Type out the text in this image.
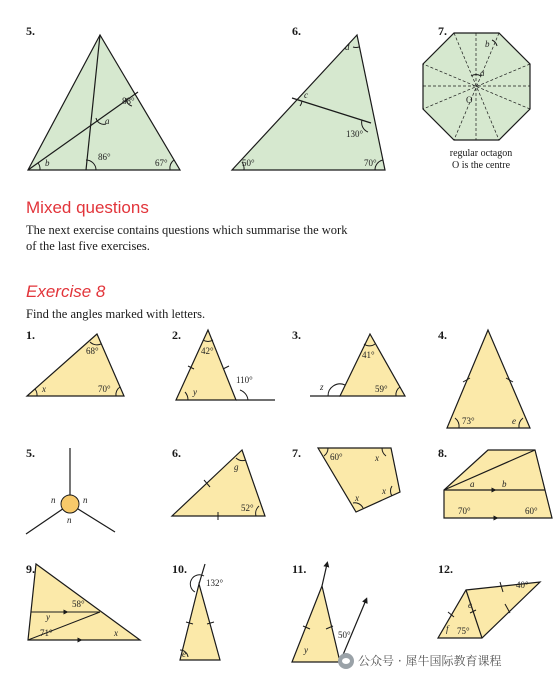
5.	6.	7.
a
b
88°
86°
67°
d
c
130°
50°	70°
b
a
O
regular octagon
O is the centre
Mixed questions
The next exercise contains questions which summarise the work
of the last five exercises.
Exercise 8
Find the angles marked with letters.
1.	2.	3.	4.
5.	6.	7.	8.
9.	10.	11.	12.
68°
x	70°
42°
y
110°
41°
z	59°
73°	e
n	n
n
g
52°
60°	x
x
x
a	b
70°	60°
58°
y
71°	x
132°
e
50°
y
40°
e
f 75°
公众号 · 犀牛国际教育课程
